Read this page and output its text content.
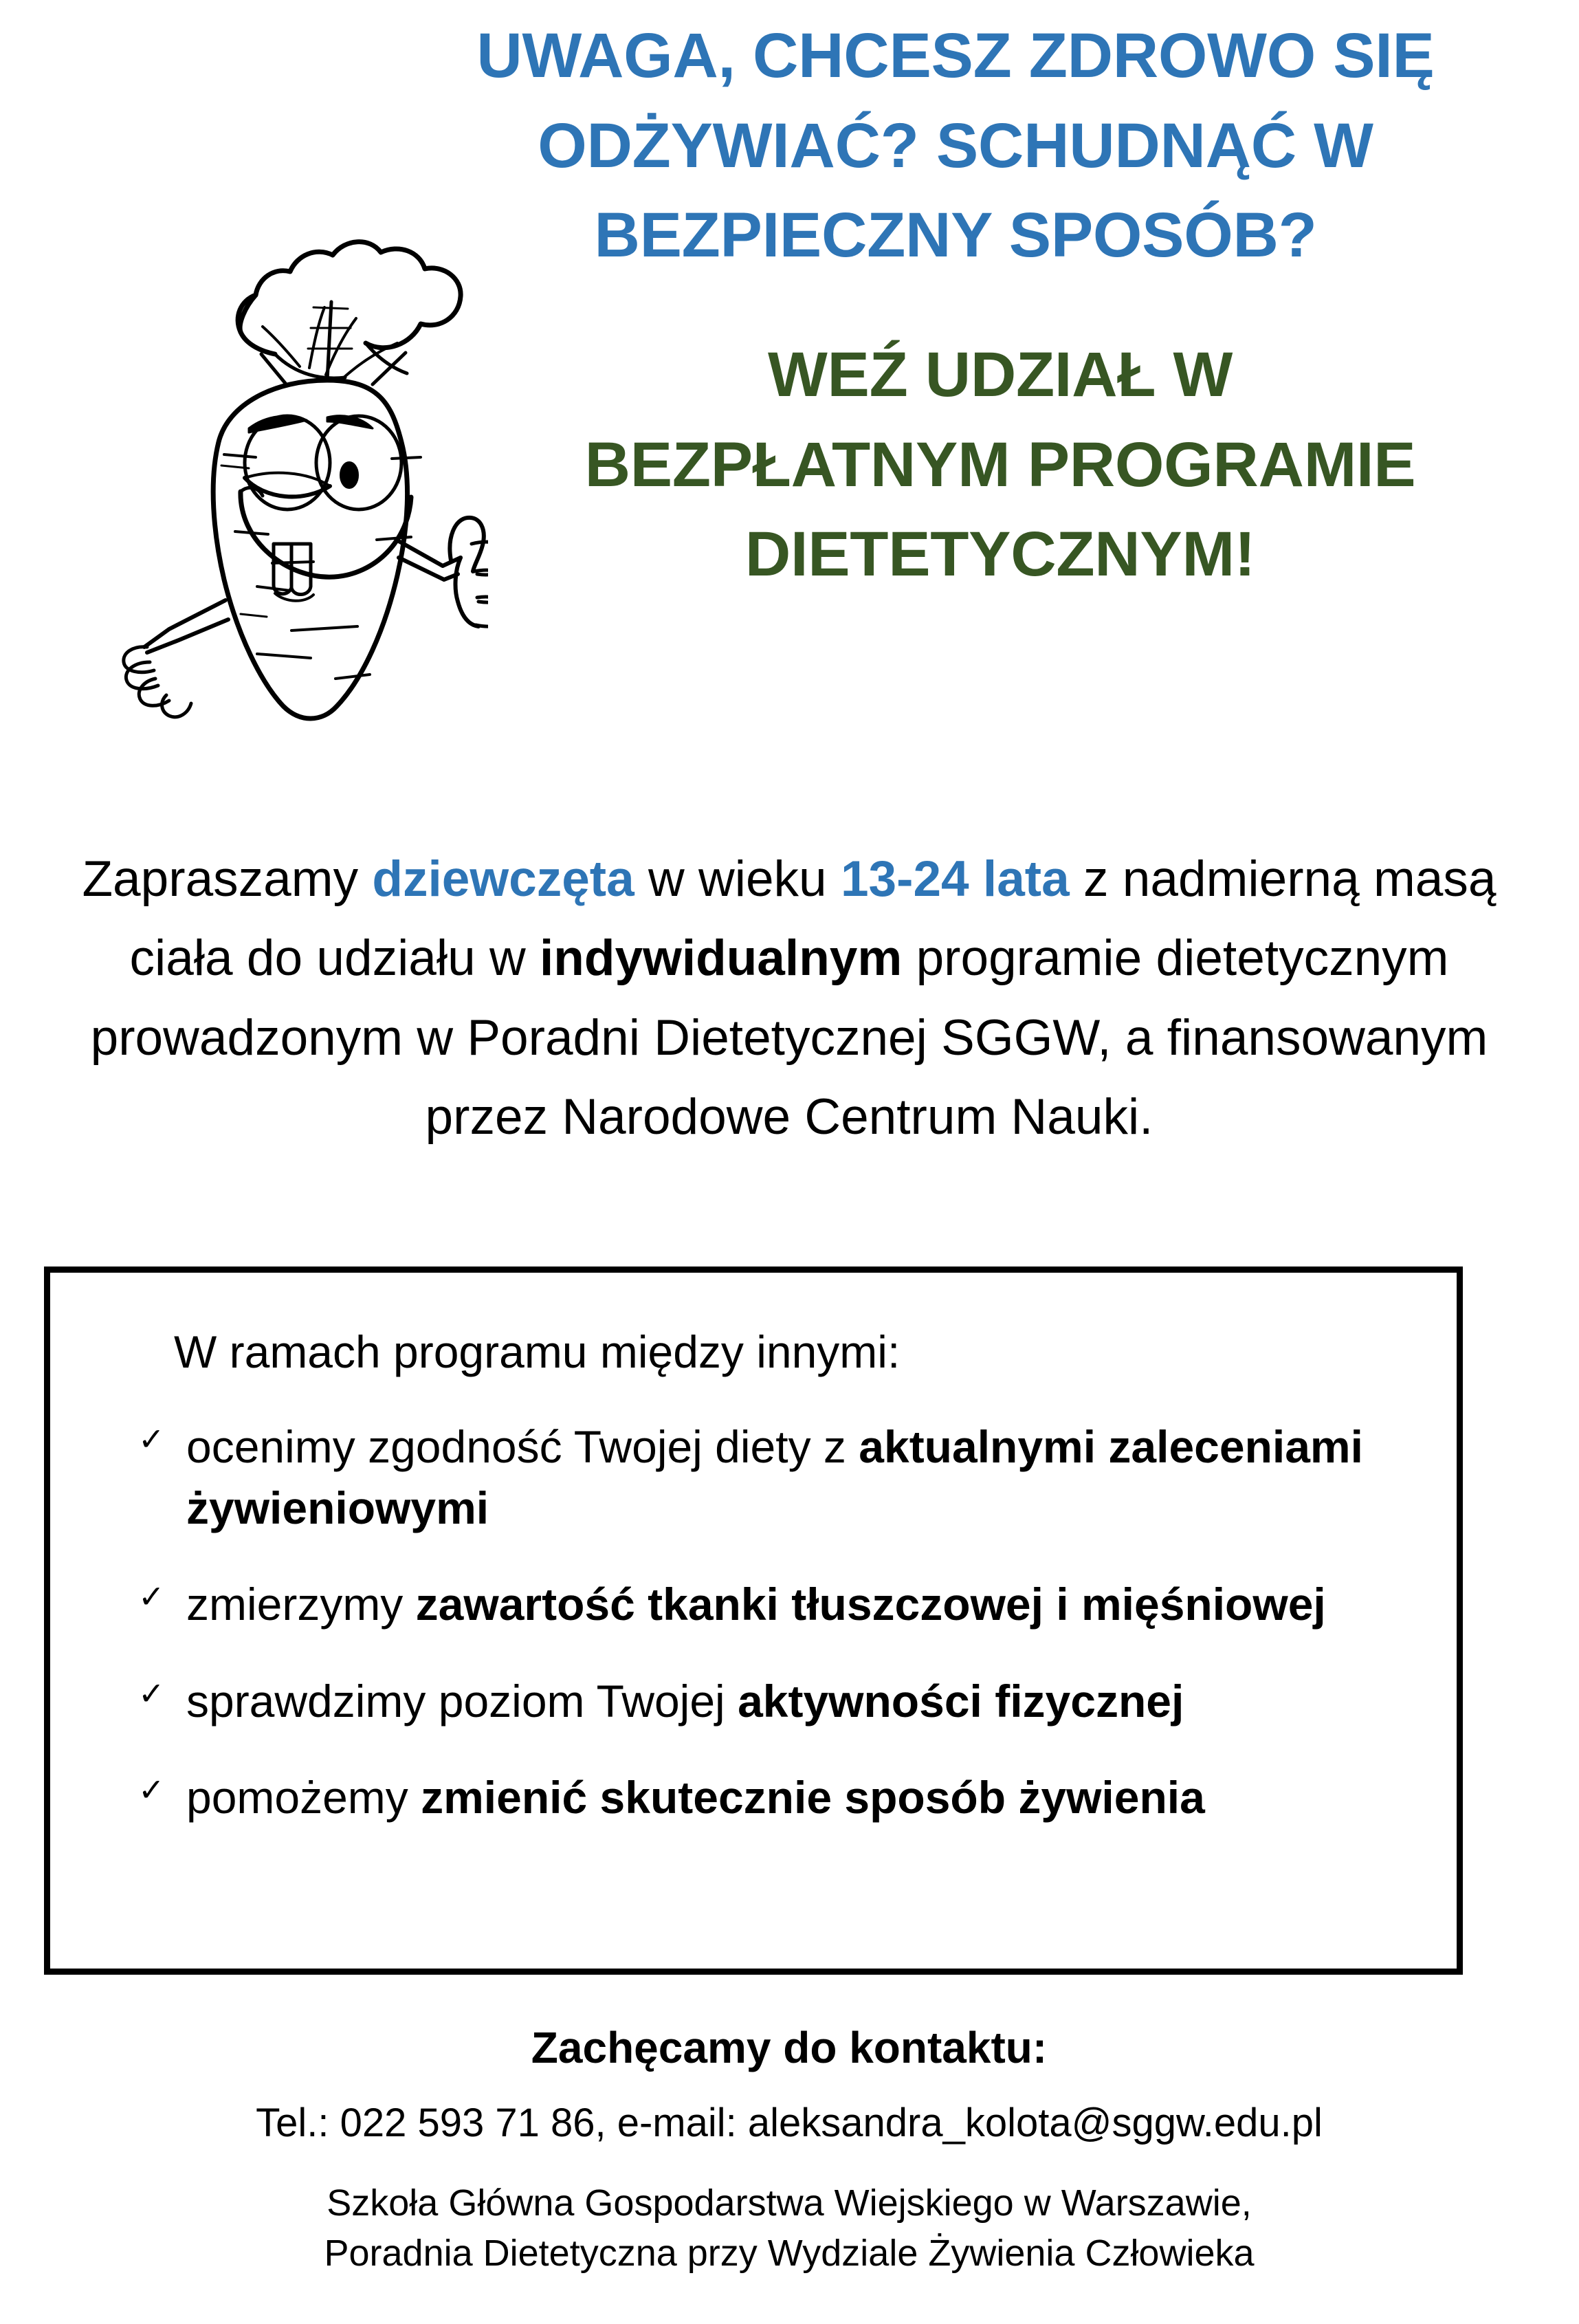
UWAGA, CHCESZ ZDROWO SIĘ
ODŻYWIAĆ? SCHUDNĄĆ W
BEZPIECZNY SPOSÓB?
WEŹ UDZIAŁ W
BEZPŁATNYM PROGRAMIE
DIETETYCZNYM!

Zapraszamy dziewczęta w wieku 13-24 lata z nadmierną masą ciała do udziału w indywidualnym programie dietetycznym prowadzonym w Poradni Dietetycznej SGGW, a finansowanym przez Narodowe Centrum Nauki.

W ramach programu między innymi:

✓ ocenimy zgodność Twojej diety z aktualnymi zaleceniami żywieniowymi
✓ zmierzymy zawartość tkanki tłuszczowej i mięśniowej
✓ sprawdzimy poziom Twojej aktywności fizycznej
✓ pomożemy zmienić skutecznie sposób żywienia

Zachęcamy do kontaktu:

Tel.: 022 593 71 86, e-mail: aleksandra_kolota@sggw.edu.pl

Szkoła Główna Gospodarstwa Wiejskiego w Warszawie,

Poradnia Dietetyczna przy Wydziale Żywienia Człowieka
